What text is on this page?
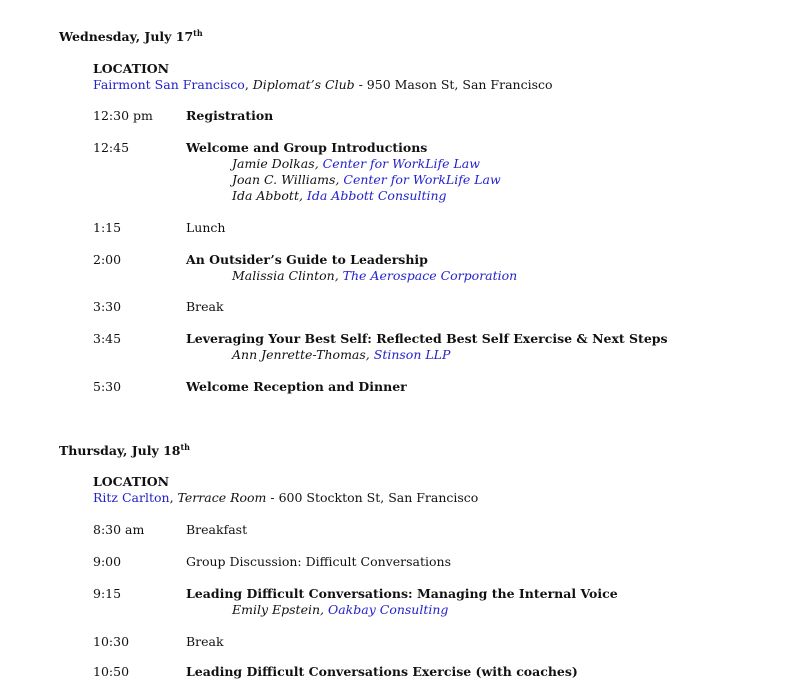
Wednesday, July 17th
LOCATION
Fairmont San Francisco, Diplomat’s Club - 950 Mason St, San Francisco
12:30 pm	Registration
12:45	Welcome and Group Introductions
Jamie Dolkas, Center for WorkLife Law
Joan C. Williams, Center for WorkLife Law
Ida Abbott, Ida Abbott Consulting
1:15	Lunch
2:00	An Outsider’s Guide to Leadership
Malissia Clinton, The Aerospace Corporation
3:30	Break
3:45	Leveraging Your Best Self: Reflected Best Self Exercise & Next Steps
Ann Jenrette-Thomas, Stinson LLP
5:30	Welcome Reception and Dinner
Thursday, July 18th
LOCATION
Ritz Carlton, Terrace Room - 600 Stockton St, San Francisco
8:30 am	Breakfast
9:00	Group Discussion: Difficult Conversations
9:15	Leading Difficult Conversations: Managing the Internal Voice
Emily Epstein, Oakbay Consulting
10:30	Break
10:50	Leading Difficult Conversations Exercise (with coaches)
